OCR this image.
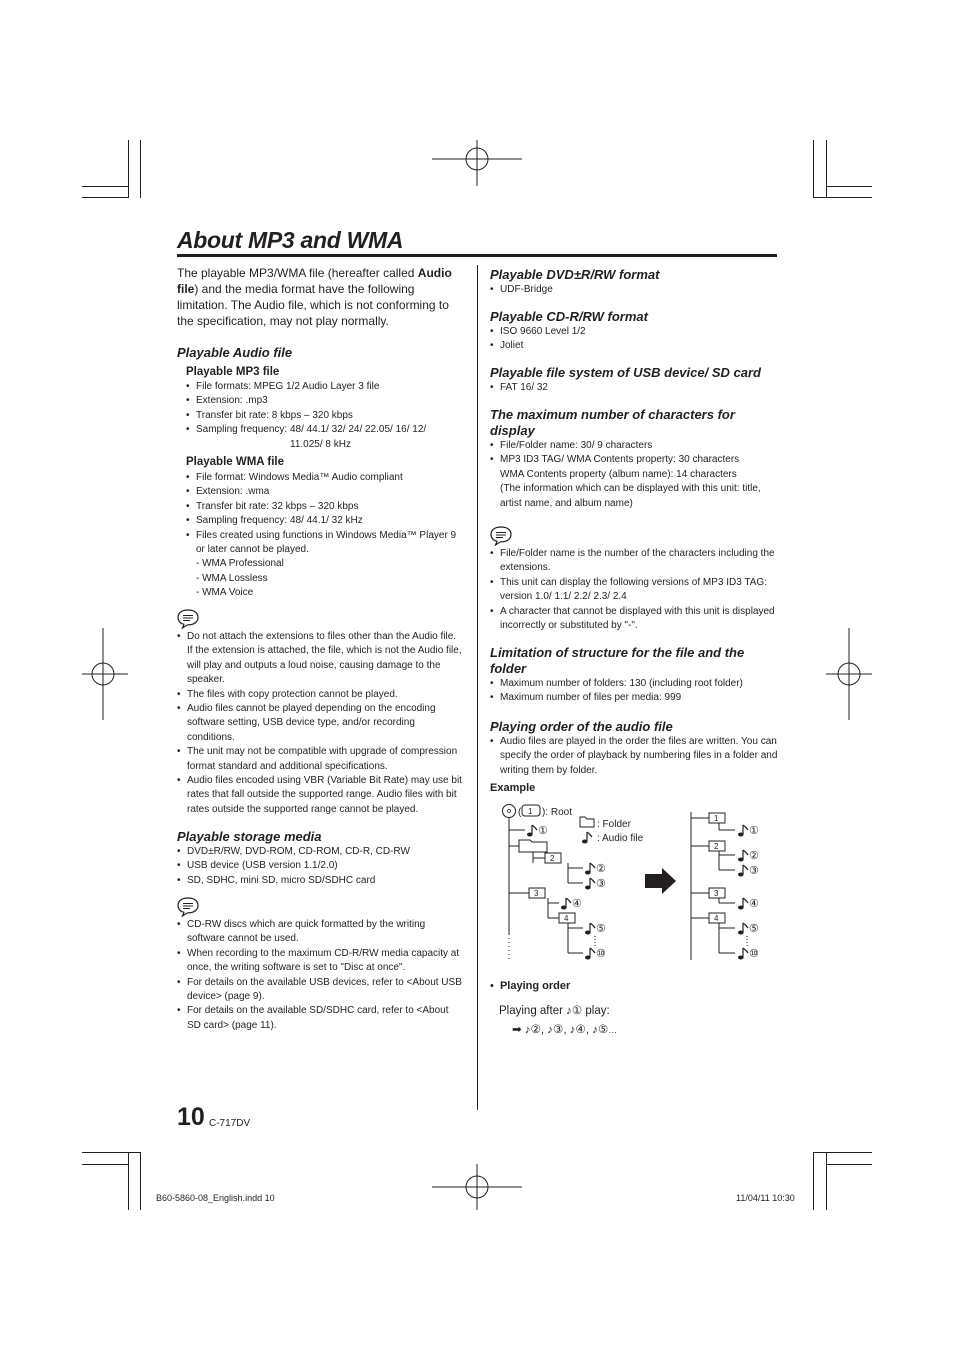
About MP3 and WMA
The playable MP3/WMA file (hereafter called Audio file) and the media format have the following limitation. The Audio file, which is not conforming to the specification, may not play normally.
Playable Audio file
Playable MP3 file
• File formats: MPEG 1/2 Audio Layer 3 file
• Extension: .mp3
• Transfer bit rate: 8 kbps – 320 kbps
• Sampling frequency: 48/ 44.1/ 32/ 24/ 22.05/ 16/ 12/
11.025/ 8 kHz
Playable WMA file
• File format: Windows Media™ Audio compliant
• Extension: .wma
• Transfer bit rate: 32 kbps – 320 kbps
• Sampling frequency: 48/ 44.1/ 32 kHz
• Files created using functions in Windows Media™ Player 9 or later cannot be played.
- WMA Professional
- WMA Lossless
- WMA Voice
• Do not attach the extensions to files other than the Audio file. If the extension is attached, the file, which is not the Audio file, will play and outputs a loud noise, causing damage to the speaker.
• The files with copy protection cannot be played.
• Audio files cannot be played depending on the encoding software setting, USB device type, and/or recording conditions.
• The unit may not be compatible with upgrade of compression format standard and additional specifications.
• Audio files encoded using VBR (Variable Bit Rate) may use bit rates that fall outside the supported range. Audio files with bit rates outside the supported range cannot be played.
Playable storage media
• DVD±R/RW, DVD-ROM, CD-ROM, CD-R, CD-RW
• USB device (USB version 1.1/2.0)
• SD, SDHC, mini SD, micro SD/SDHC card
• CD-RW discs which are quick formatted by the writing software cannot be used.
• When recording to the maximum CD-R/RW media capacity at once, the writing software is set to "Disc at once".
• For details on the available USB devices, refer to <About USB device> (page 9).
• For details on the available SD/SDHC card, refer to <About SD card> (page 11).
Playable DVD±R/RW format
• UDF-Bridge
Playable CD-R/RW format
• ISO 9660 Level 1/2
• Joliet
Playable file system of USB device/ SD card
• FAT 16/ 32
The maximum number of characters for display
• File/Folder name: 30/ 9 characters
• MP3 ID3 TAG/ WMA Contents property: 30 characters
WMA Contents property (album name): 14 characters
(The information which can be displayed with this unit: title, artist name, and album name)
• File/Folder name is the number of the characters including the extensions.
• This unit can display the following versions of MP3 ID3 TAG: version 1.0/ 1.1/ 2.2/ 2.3/ 2.4
• A character that cannot be displayed with this unit is displayed incorrectly or substituted by "-".
Limitation of structure for the file and the folder
• Maximum number of folders: 130 (including root folder)
• Maximum number of files per media: 999
Playing order of the audio file
• Audio files are played in the order the files are written. You can specify the order of playback by numbering files in a folder and writing them by folder.
Example
( 1 ): Root
: Folder
: Audio file
①
2
②
③
3
④
4
⑤
⑩
1
①
2
②
③
3
④
4
⑤
⑩
•  Playing order
Playing after ♪① play:
➡ ♪②, ♪③, ♪④, ♪⑤…
10 C-717DV
B60-5860-08_English.indd 10	11/04/11 10:30
